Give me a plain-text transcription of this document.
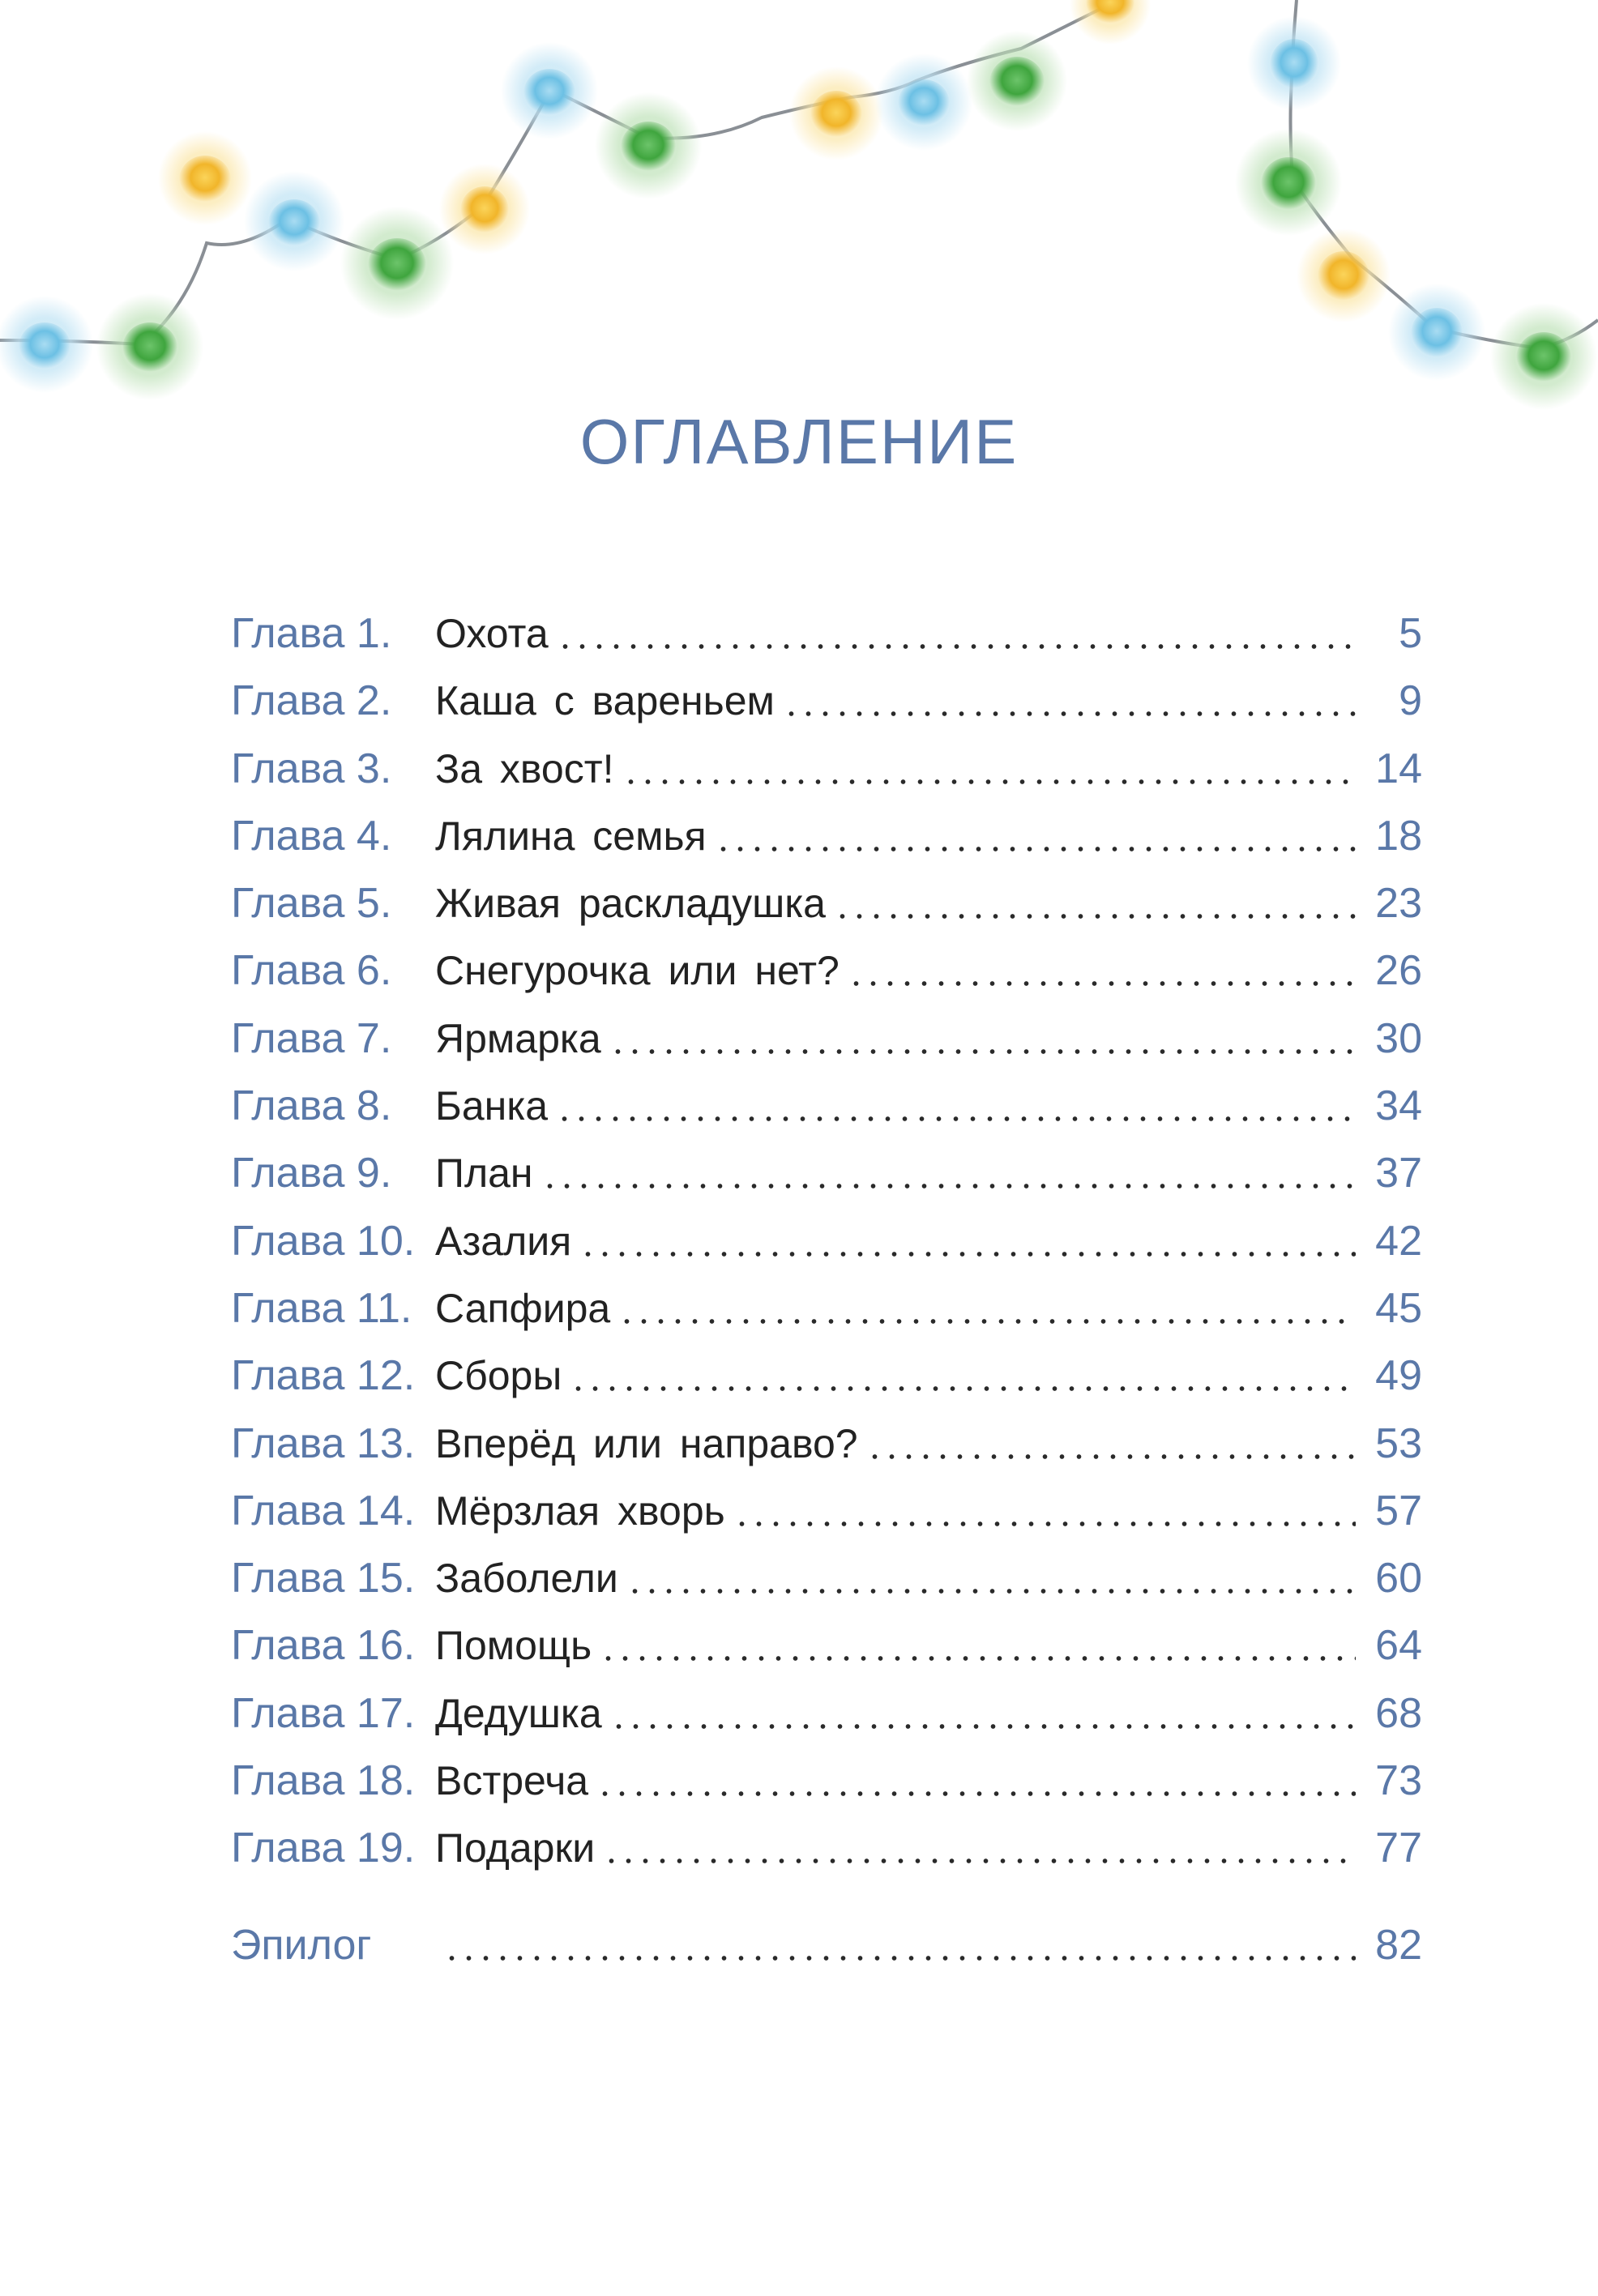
ОГЛАВЛЕНИЕ
Глава 1.	Охота	5
Глава 2.	Каша с вареньем	9
Глава 3.	За хвост!	14
Глава 4.	Лялина семья	18
Глава 5.	Живая раскладушка	23
Глава 6.	Снегурочка или нет?	26
Глава 7.	Ярмарка	30
Глава 8.	Банка	34
Глава 9.	План	37
Глава 10. Азалия	42
Глава 11. Сапфира	45
Глава 12. Сборы	49
Глава 13. Вперёд или направо?	53
Глава 14. Мёрзлая хворь	57
Глава 15. Заболели	60
Глава 16. Помощь	64
Глава 17. Дедушка	68
Глава 18. Встреча	73
Глава 19. Подарки	77
Эпилог	82
